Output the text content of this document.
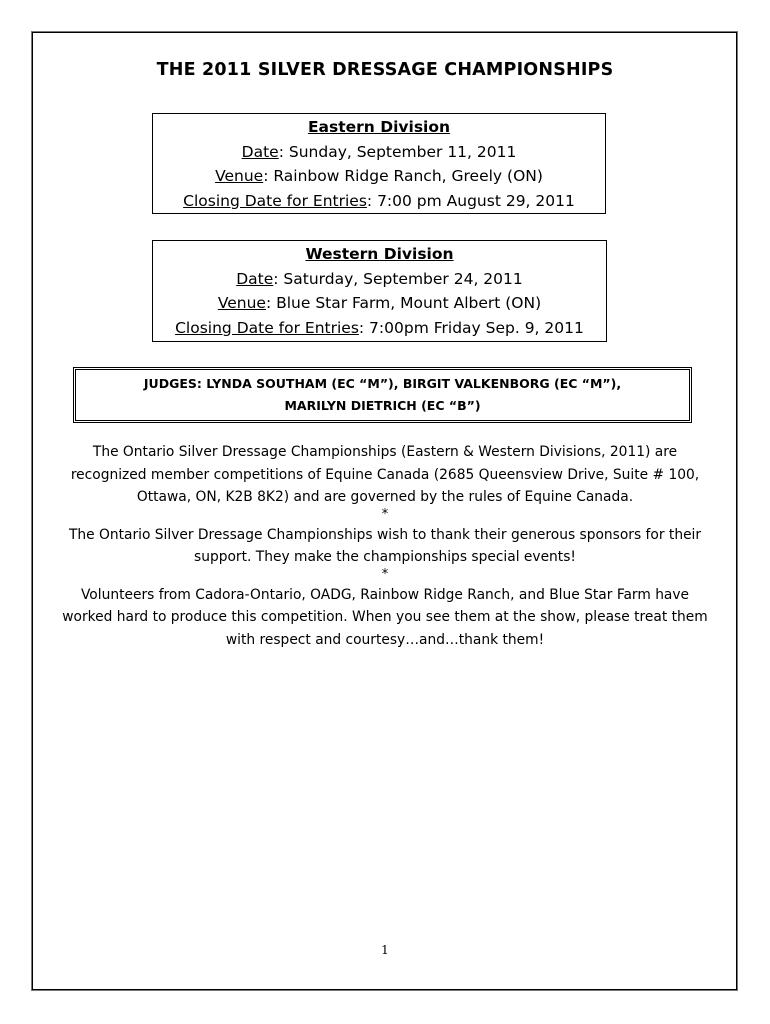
THE 2011 SILVER DRESSAGE CHAMPIONSHIPS
Eastern Division
Date: Sunday, September 11, 2011
Venue: Rainbow Ridge Ranch, Greely (ON)
Closing Date for Entries: 7:00 pm August 29, 2011
Western Division
Date: Saturday, September 24, 2011
Venue: Blue Star Farm, Mount Albert (ON)
Closing Date for Entries: 7:00pm Friday Sep. 9, 2011
JUDGES: LYNDA SOUTHAM (EC “M”), BIRGIT VALKENBORG (EC “M”),
MARILYN DIETRICH (EC “B”)
The Ontario Silver Dressage Championships (Eastern & Western Divisions, 2011) are recognized member competitions of Equine Canada (2685 Queensview Drive, Suite # 100, Ottawa, ON, K2B 8K2) and are governed by the rules of Equine Canada.
*
The Ontario Silver Dressage Championships wish to thank their generous sponsors for their support. They make the championships special events!
*
Volunteers from Cadora-Ontario, OADG, Rainbow Ridge Ranch, and Blue Star Farm have worked hard to produce this competition. When you see them at the show, please treat them with respect and courtesy…and…thank them!
1
